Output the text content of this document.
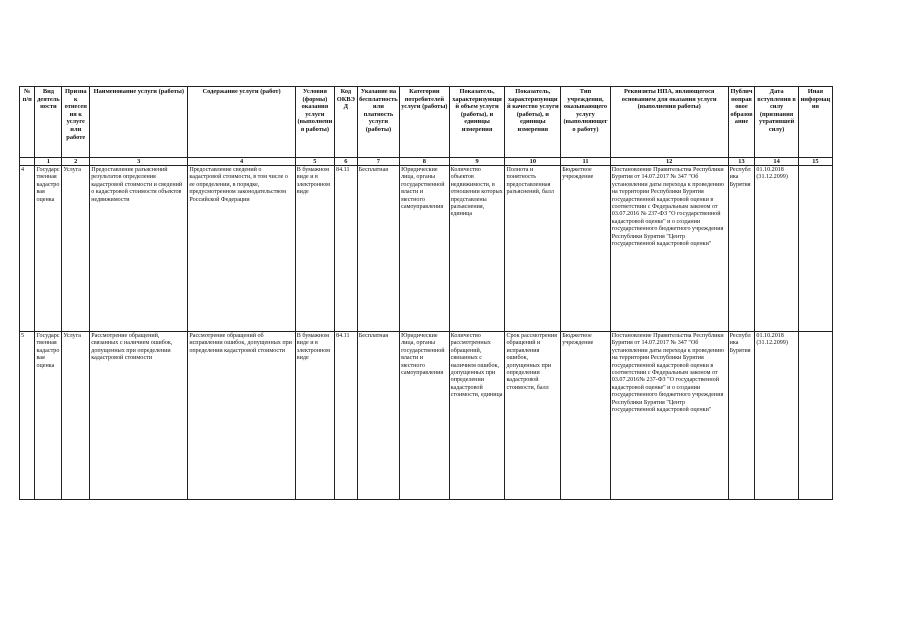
№ п/п	Вид деятельности	Признак отнесения к услуге или работе	Наименование услуги (работы)	Содержание услуги (работ)	Условия (формы) оказания услуги (выполнения работы)	Код ОКВЭД	Указание на бесплатность или платность услуги (работы)	Категории потребителей услуги (работы)	Показатель, характеризующий объем услуги (работы), и единицы измерения	Показатель, характеризующий качество услуги (работы), и единицы измерения	Тип учреждения, оказывающего услугу (выполняющего работу)	Реквизиты НПА, являющегося основанием для оказания услуги (выполнения работы)	Публичноправовое образование	Дата вступления в силу (признания утратившей силу)	Иная информация
	1	2	3	4	5	6	7	8	9	10	11	12	13	14	15
4	Государственная кадастровая оценка	Услуга	Предоставление разъяснений результатов определения кадастровой стоимости и сведений о кадастровой стоимости объектов недвижимости	Предоставление сведений о кадастровой стоимости, в том числе о ее определении, в порядке, предусмотренном законодательством Российской Федерации	В бумажном виде и в электронном виде	84.11	Бесплатная	Юридические лица, органы государственной власти и местного самоуправления	Количество объектов недвижимости, в отношении которых представлены разъяснения, единица	Полнота и понятность предоставленная разъяснений, балл	Бюджетное учреждение	Постановление Правительства Республики Бурятия от 14.07.2017 № 347 "Об установлении даты перехода к проведению на территории Республики Бурятия государственной кадастровой оценки в соответствии с Федеральным законом от 03.07.2016 № 237-ФЗ "О государственной кадастровой оценке" и о создании государственного бюджетного учреждения Республики Бурятия "Центр государственной кадастровой оценки"	Республика Бурятия	01.10.2018 (31.12.2099)	
5	Государственная кадастровая оценка	Услуга	Рассмотрение обращений, связанных с наличием ошибок, допущенных при определении кадастровой стоимости	Рассмотрение обращений об исправлении ошибок, допущенных при определении кадастровой стоимости	В бумажном виде и в электронном виде	84.11	Бесплатная	Юридические лица, органы государственной власти и местного самоуправления	Количество рассмотренных обращений, связанных с наличием ошибок, допущенных при определении кадастровой стоимости, единица	Срок рассмотрения обращений и исправления ошибок, допущенных при определении кадастровой стоимости, балл	Бюджетное учреждение	Постановление Правительства Республики Бурятия от 14.07.2017 № 347 "Об установлении даты перехода к проведению на территории Республики Бурятия государственной кадастровой оценки в соответствии с Федеральным законом от 03.07.2016№ 237-ФЗ "О государственной кадастровой оценке" и о создании государственного бюджетного учреждения Республики Бурятия "Центр государственной кадастровой оценки"	Республика Бурятия	01.10.2018 (31.12.2099)	
